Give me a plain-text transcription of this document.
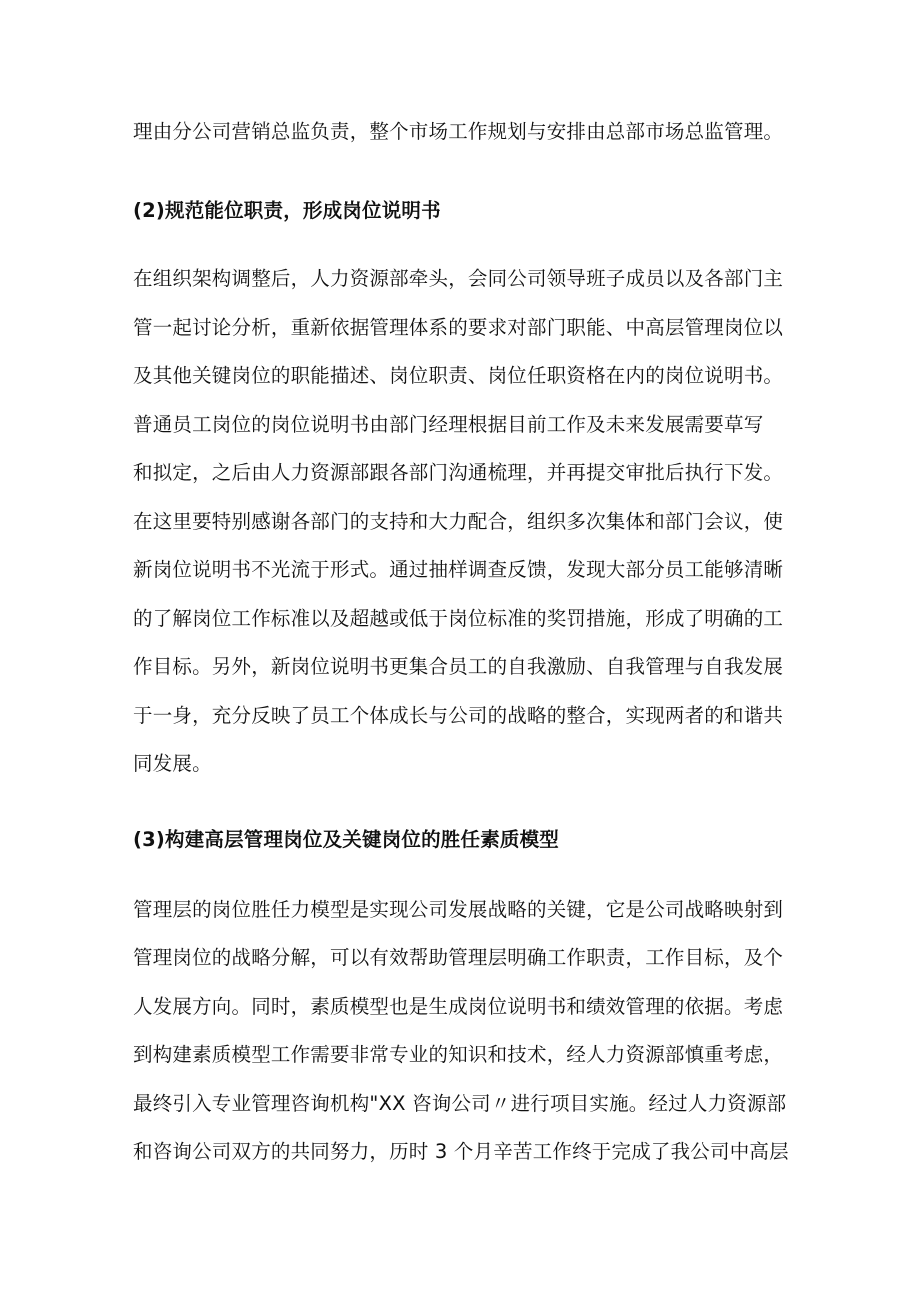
理由分公司营销总监负责，整个市场工作规划与安排由总部市场总监管理。
(2)规范能位职责，形成岗位说明书
在组织架构调整后，人力资源部牵头，会同公司领导班子成员以及各部门主
管一起讨论分析，重新依据管理体系的要求对部门职能、中高层管理岗位以
及其他关键岗位的职能描述、岗位职责、岗位任职资格在内的岗位说明书。
普通员工岗位的岗位说明书由部门经理根据目前工作及未来发展需要草写
和拟定，之后由人力资源部跟各部门沟通梳理，并再提交审批后执行下发。
在这里要特别感谢各部门的支持和大力配合，组织多次集体和部门会议，使
新岗位说明书不光流于形式。通过抽样调查反馈，发现大部分员工能够清晰
的了解岗位工作标准以及超越或低于岗位标准的奖罚措施，形成了明确的工
作目标。另外，新岗位说明书更集合员工的自我激励、自我管理与自我发展
于一身，充分反映了员工个体成长与公司的战略的整合，实现两者的和谐共
同发展。
(3)构建高层管理岗位及关键岗位的胜任素质模型
管理层的岗位胜任力模型是实现公司发展战略的关键，它是公司战略映射到
管理岗位的战略分解，可以有效帮助管理层明确工作职责，工作目标，及个
人发展方向。同时，素质模型也是生成岗位说明书和绩效管理的依据。考虑
到构建素质模型工作需要非常专业的知识和技术，经人力资源部慎重考虑，
最终引入专业管理咨询机构"XX 咨询公司〃进行项目实施。经过人力资源部
和咨询公司双方的共同努力，历时 3 个月辛苦工作终于完成了我公司中高层
